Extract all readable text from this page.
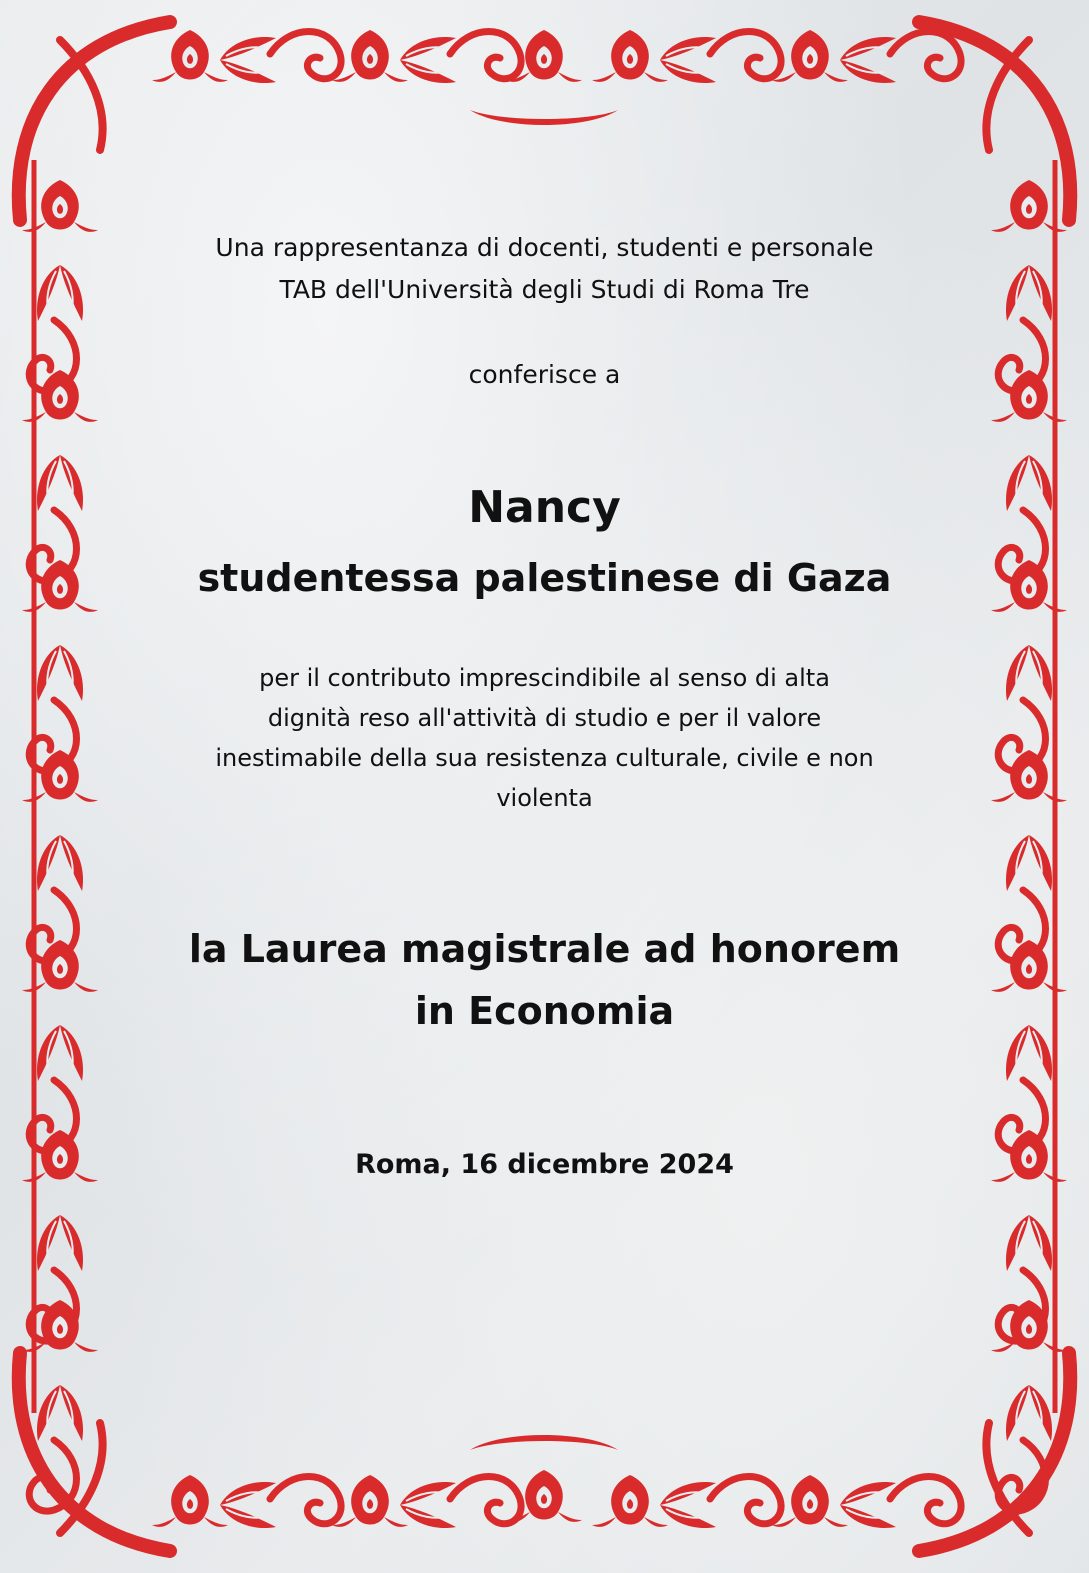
Una rappresentanza di docenti, studenti e personale
TAB dell'Università degli Studi di Roma Tre

conferisce a

Nancy

studentessa palestinese di Gaza

per il contributo imprescindibile al senso di alta
dignità reso all'attività di studio e per il valore
inestimabile della sua resistenza culturale, civile e non
violenta

la Laurea magistrale ad honorem
in Economia

Roma, 16 dicembre 2024
